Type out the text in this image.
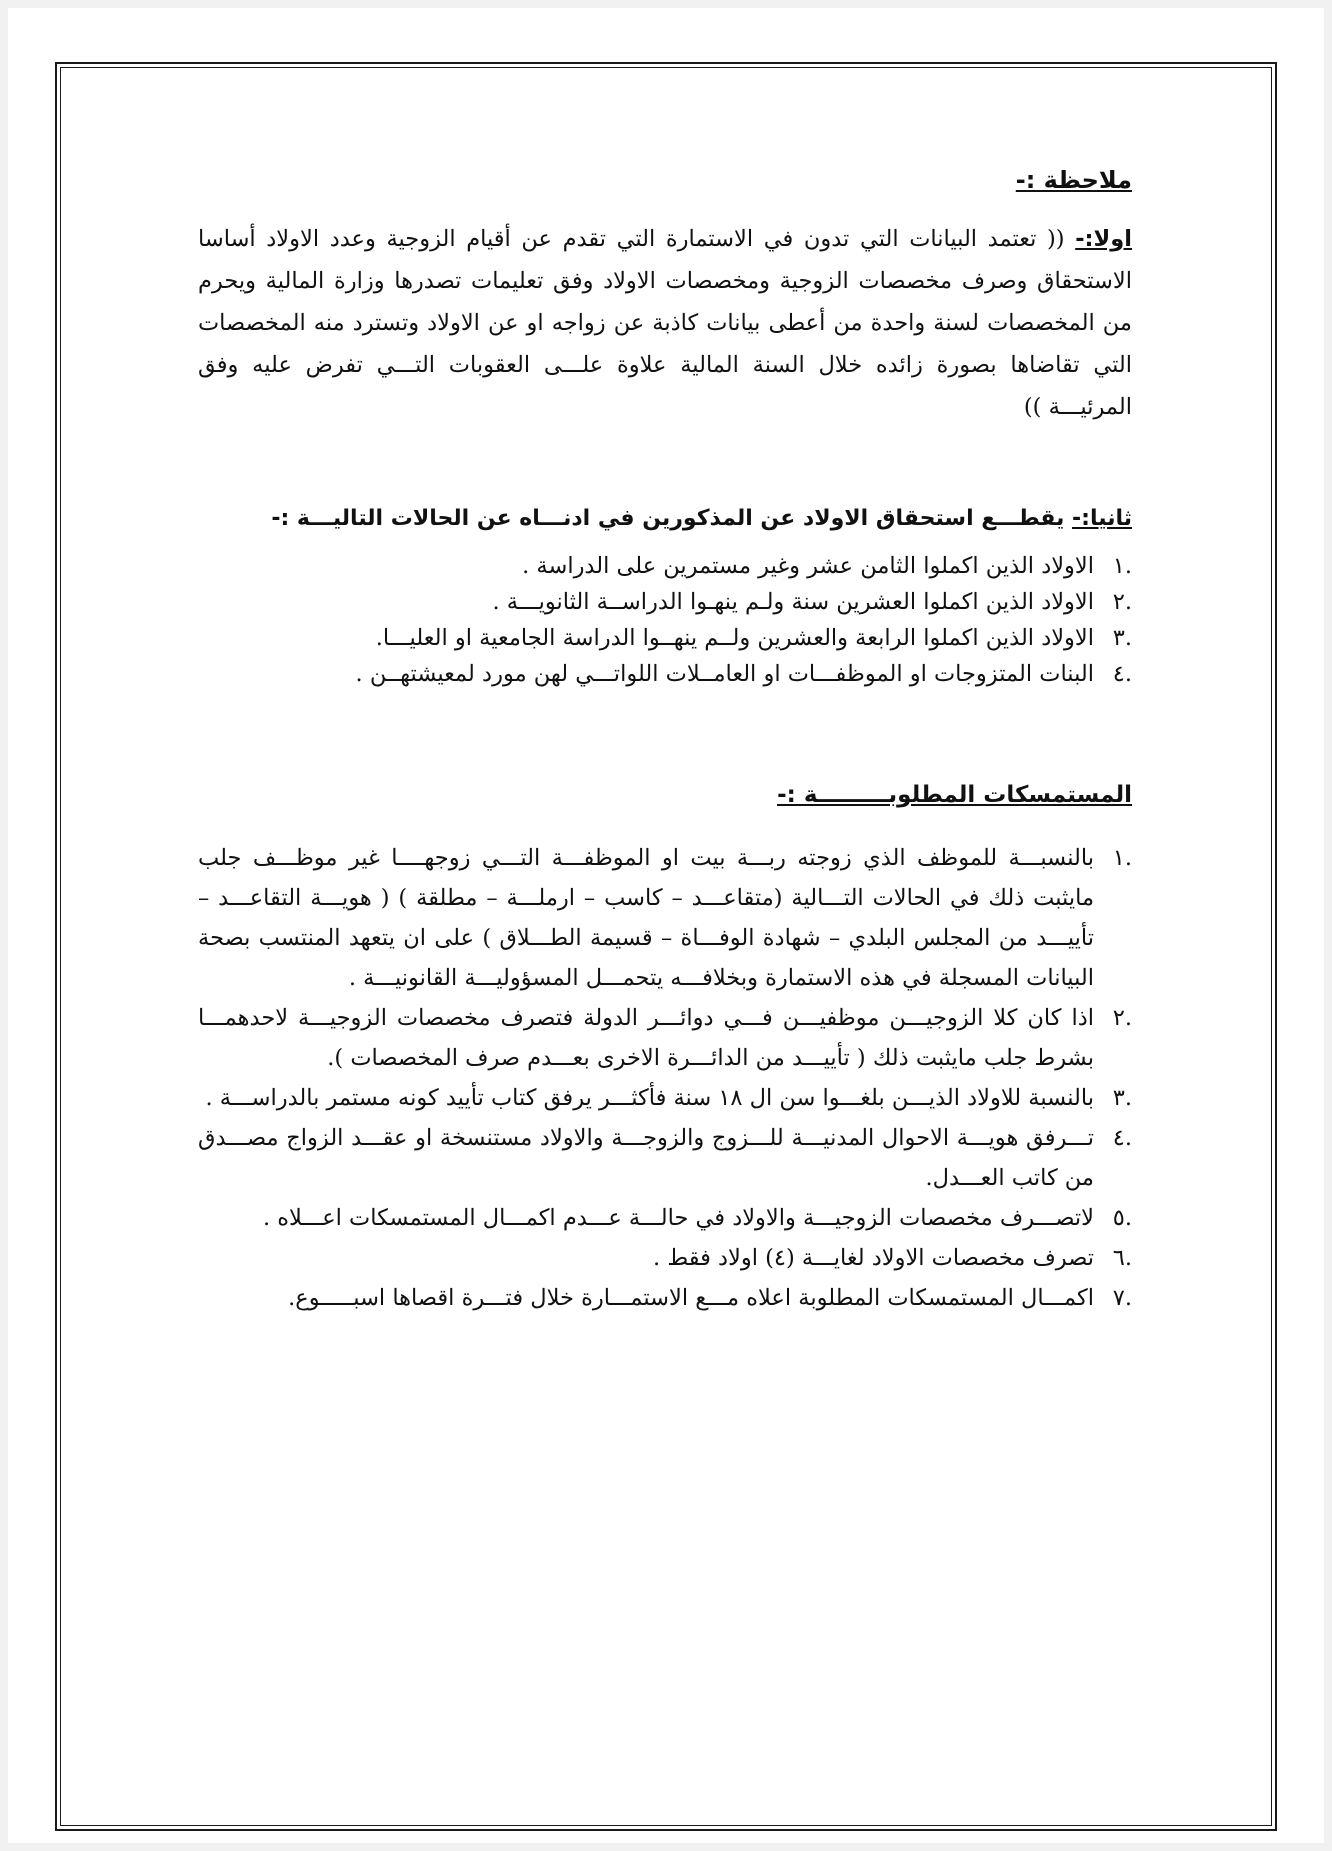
ملاحظة :-

اولا:- (( تعتمد البيانات التي تدون في الاستمارة التي تقدم عن أقيام الزوجية وعدد الاولاد أساسا الاستحقاق وصرف مخصصات الزوجية ومخصصات الاولاد وفق تعليمات تصدرها وزارة المالية ويحرم من المخصصات لسنة واحدة من أعطى بيانات كاذبة عن زواجه او عن الاولاد وتسترد منه المخصصات التي تقاضاها بصورة زائده خلال السنة المالية علاوة علـــى العقوبات التـــي تفرض عليه وفق المرئيـــة ))

ثانيا:- يقطـــع استحقاق الاولاد عن المذكورين في ادنـــاه عن الحالات التاليـــة :-
.١
الاولاد الذين اكملوا الثامن عشر وغير مستمرين على الدراسة .
.٢
الاولاد الذين اكملوا العشرين سنة ولـم ينهـوا الدراســة الثانويـــة .
.٣
الاولاد الذين اكملوا الرابعة والعشرين ولــم ينهــوا الدراسة الجامعية او العليـــا.
.٤
البنات المتزوجات او الموظفـــات او العامــلات اللواتـــي لهن مورد لمعيشتهــن .
المستمسكات المطلوبـــــــــة :-
.١
بالنسبـــة للموظف الذي زوجته ربـــة بيت او الموظفـــة التـــي زوجهــــا غير موظـــف جلب مايثبت ذلك في الحالات التـــالية (متقاعـــد – كاسب – ارملـــة – مطلقة ) ( هويـــة التقاعـــد – تأييـــد من المجلس البلدي – شهادة الوفـــاة – قسيمة الطـــلاق ) على ان يتعهد المنتسب بصحة البيانات المسجلة في هذه الاستمارة وبخلافـــه يتحمـــل المسؤوليـــة القانونيـــة .
.٢
اذا كان كلا الزوجيـــن موظفيـــن فـــي دوائـــر الدولة فتصرف مخصصات الزوجيـــة لاحدهمـــا بشرط جلب مايثبت ذلك ( تأييـــد من الدائـــرة الاخرى بعـــدم صرف المخصصات ).
.٣
بالنسبة للاولاد الذيـــن بلغـــوا سن ال ١٨ سنة فأكثـــر يرفق كتاب تأييد كونه مستمر بالدراســـة .
.٤
تـــرفق هويـــة الاحوال المدنيـــة للـــزوج والزوجـــة والاولاد مستنسخة او عقـــد الزواج مصـــدق من كاتب العـــدل.
.٥
لاتصـــرف مخصصات الزوجيـــة والاولاد في حالـــة عـــدم اكمـــال المستمسكات اعـــلاه .
.٦
تصرف مخصصات الاولاد لغايـــة (٤) اولاد فقط .
.٧
اكمـــال المستمسكات المطلوبة اعلاه مـــع الاستمـــارة خلال فتـــرة اقصاها اسبـــــوع.
